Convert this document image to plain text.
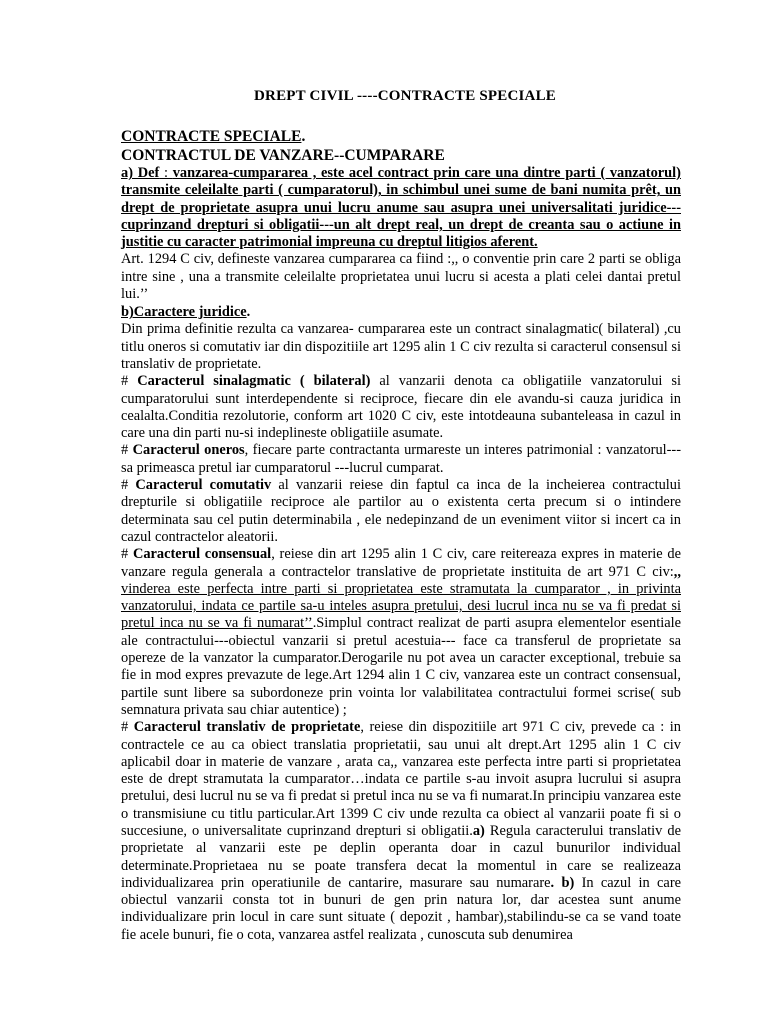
DREPT CIVIL ----CONTRACTE SPECIALE
CONTRACTE SPECIALE.
CONTRACTUL DE VANZARE--CUMPARARE

a) Def : vanzarea-cumpararea , este acel contract prin care una dintre parti ( vanzatorul) transmite celeilalte parti ( cumparatorul), in schimbul unei sume de bani numita prêt, un drept de proprietate asupra unui lucru anume sau asupra unei universalitati juridice---cuprinzand drepturi si obligatii---un alt drept real, un drept de creanta sau o actiune in justitie cu caracter patrimonial impreuna cu dreptul litigios aferent.

Art. 1294 C civ, defineste vanzarea cumpararea ca fiind :,, o conventie prin care 2 parti se obliga intre sine , una a transmite celeilalte proprietatea unui lucru si acesta a plati celei dantai pretul lui.’’

b)Caractere juridice.

Din prima definitie rezulta ca vanzarea- cumpararea este un contract sinalagmatic( bilateral) ,cu titlu oneros si comutativ iar din dispozitiile art 1295 alin 1 C civ rezulta si caracterul consensul si translativ de proprietate.

# Caracterul sinalagmatic ( bilateral) al vanzarii denota ca obligatiile vanzatorului si cumparatorului sunt interdependente si reciproce, fiecare din ele avandu-si cauza juridica in cealalta.Conditia rezolutorie, conform art 1020 C civ, este intotdeauna subanteleasa in cazul in care una din parti nu-si indeplineste obligatiile asumate.

# Caracterul oneros, fiecare parte contractanta urmareste un interes patrimonial : vanzatorul---sa primeasca pretul iar cumparatorul ---lucrul cumparat.

# Caracterul comutativ al vanzarii reiese din faptul ca inca de la incheierea contractului drepturile si obligatiile reciproce ale partilor au o existenta certa precum si o intindere determinata sau cel putin determinabila , ele nedepinzand de un eveniment viitor si incert ca in cazul contractelor aleatorii.

# Caracterul consensual, reiese din art 1295 alin 1 C civ, care reitereaza expres in materie de vanzare regula generala a contractelor translative de proprietate instituita de art 971 C civ:,, vinderea este perfecta intre parti si proprietatea este stramutata la cumparator , in privinta vanzatorului, indata ce partile sa-u inteles asupra pretului, desi lucrul inca nu se va fi predat si pretul inca nu se va fi numarat’’.Simplul contract realizat de parti asupra elementelor esentiale ale contractului---obiectul vanzarii si pretul acestuia--- face ca transferul de proprietate sa opereze de la vanzator la cumparator.Derogarile nu pot avea un caracter exceptional, trebuie sa fie in mod expres prevazute de lege.Art 1294 alin 1 C civ, vanzarea este un contract consensual, partile sunt libere sa subordoneze prin vointa lor valabilitatea contractului formei scrise( sub semnatura privata sau chiar autentice) ;

# Caracterul translativ de proprietate, reiese din dispozitiile art 971 C civ, prevede ca : in contractele ce au ca obiect translatia proprietatii, sau unui alt drept.Art 1295 alin 1 C civ aplicabil doar in materie de vanzare , arata ca,, vanzarea este perfecta intre parti si proprietatea este de drept stramutata la cumparator…indata ce partile s-au invoit asupra lucrului si asupra pretului, desi lucrul nu se va fi predat si pretul inca nu se va fi numarat.In principiu vanzarea este o transmisiune cu titlu particular.Art 1399 C civ unde rezulta ca obiect al vanzarii poate fi si o succesiune, o universalitate cuprinzand drepturi si obligatii.a) Regula caracterului translativ de proprietate al vanzarii este pe deplin operanta doar in cazul bunurilor individual determinate.Proprietaea nu se poate transfera decat la momentul in care se realizeaza individualizarea prin operatiunile de cantarire, masurare sau numarare. b) In cazul in care obiectul vanzarii consta tot in bunuri de gen prin natura lor, dar acestea sunt anume individualizare prin locul in care sunt situate ( depozit , hambar),stabilindu-se ca se vand toate fie acele bunuri, fie o cota, vanzarea astfel realizata , cunoscuta sub denumirea
